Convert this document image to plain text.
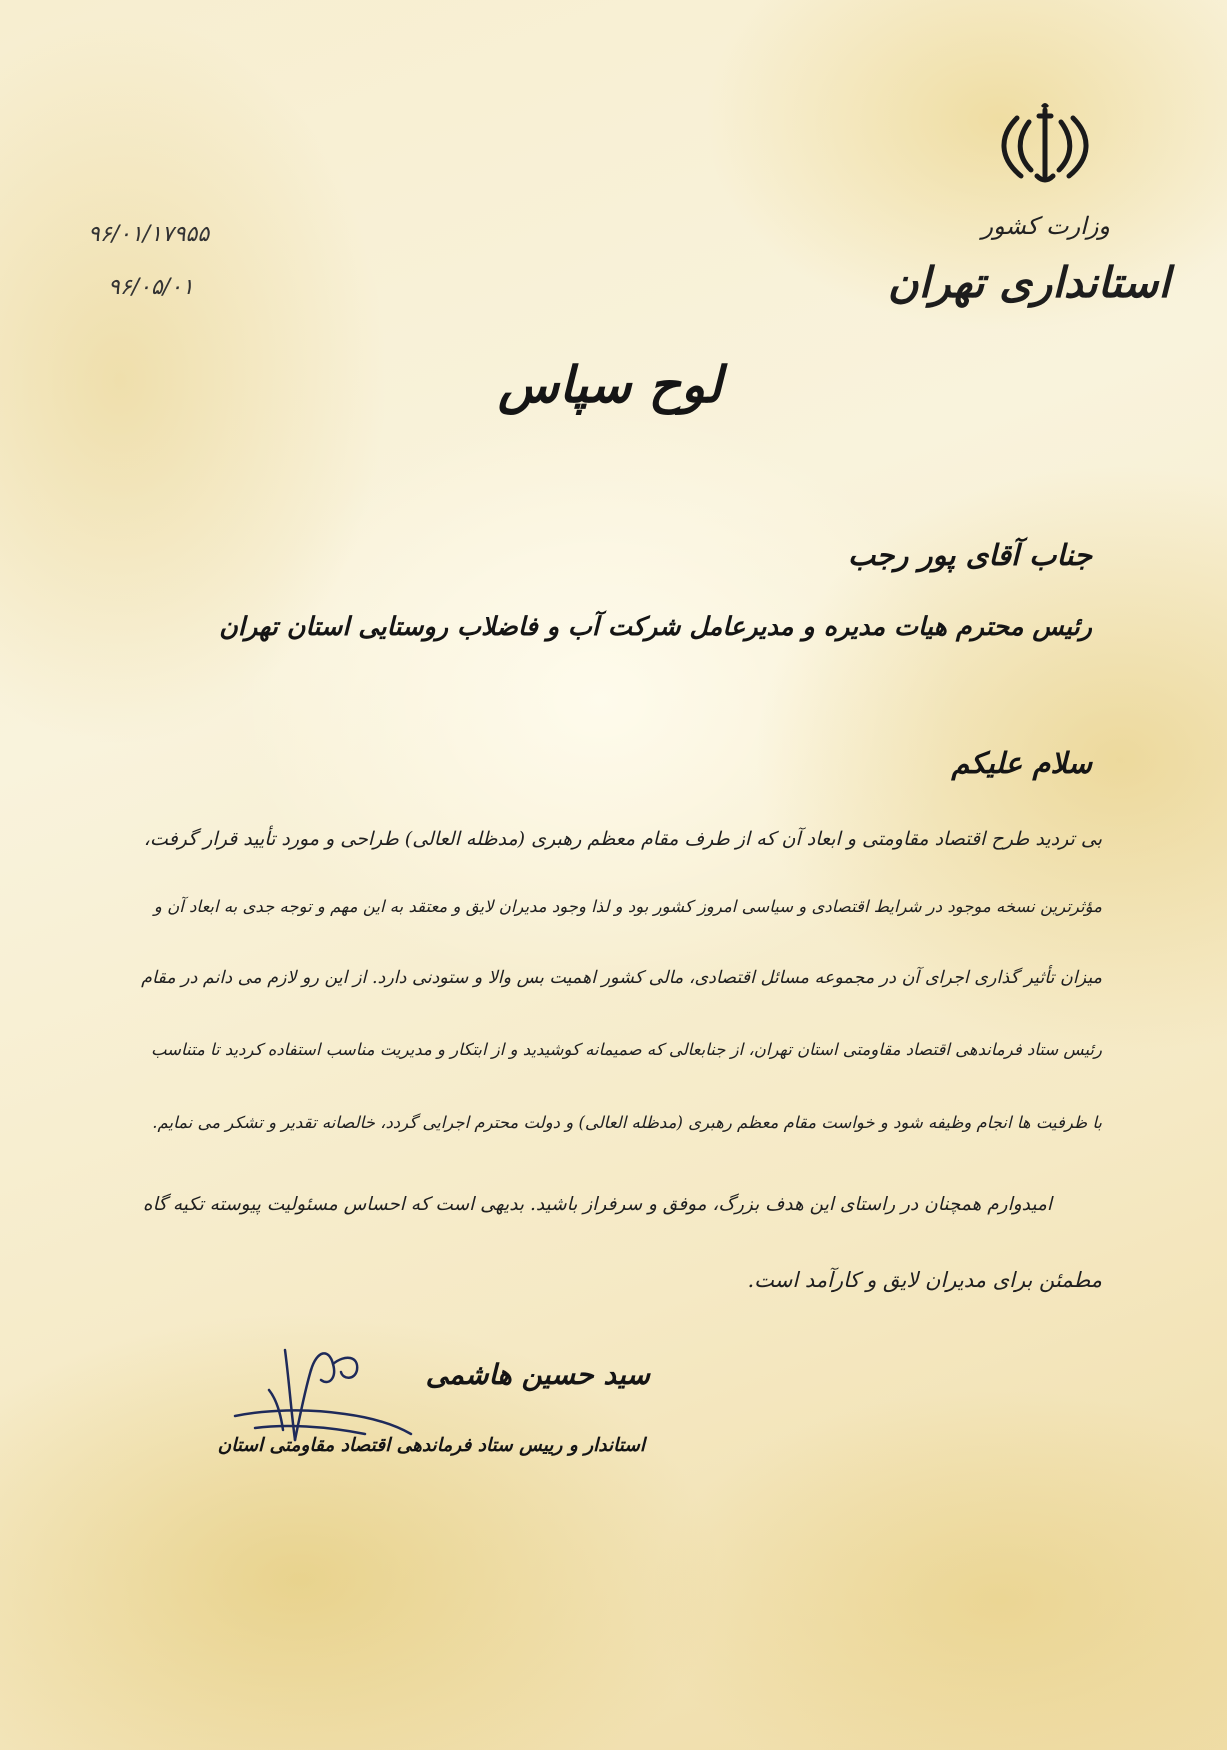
وزارت کشور
استانداری تهران
۹۶/۰۱/۱۷۹۵۵
۹۶/۰۵/۰۱
لوح سپاس
جناب آقای پور رجب
رئیس محترم هیات مدیره و مدیرعامل شرکت آب و فاضلاب روستایی استان تهران
سلام علیکم
بی تردید طرح اقتصاد مقاومتی و ابعاد آن که از طرف مقام معظم رهبری (مدظله العالی) طراحی و مورد تأیید قرار گرفت،
مؤثرترین نسخه موجود در شرایط اقتصادی و سیاسی امروز کشور بود و لذا وجود مدیران لایق و معتقد به این مهم و توجه جدی به ابعاد آن و
میزان تأثیر گذاری اجرای آن در مجموعه مسائل اقتصادی، مالی کشور اهمیت بس والا و ستودنی دارد. از این رو لازم می دانم در مقام
رئیس ستاد فرماندهی اقتصاد مقاومتی استان تهران، از جنابعالی که صمیمانه کوشیدید و از ابتکار و مدیریت مناسب استفاده کردید تا متناسب
با ظرفیت ها انجام وظیفه شود و خواست مقام معظم رهبری (مدظله العالی) و دولت محترم اجرایی گردد، خالصانه تقدیر و تشکر می نمایم.
امیدوارم همچنان در راستای این هدف بزرگ، موفق و سرفراز باشید. بدیهی است که احساس مسئولیت پیوسته تکیه گاه
مطمئن برای مدیران لایق و کارآمد است.
سید حسین هاشمی
استاندار و رییس ستاد فرماندهی اقتصاد مقاومتی استان
